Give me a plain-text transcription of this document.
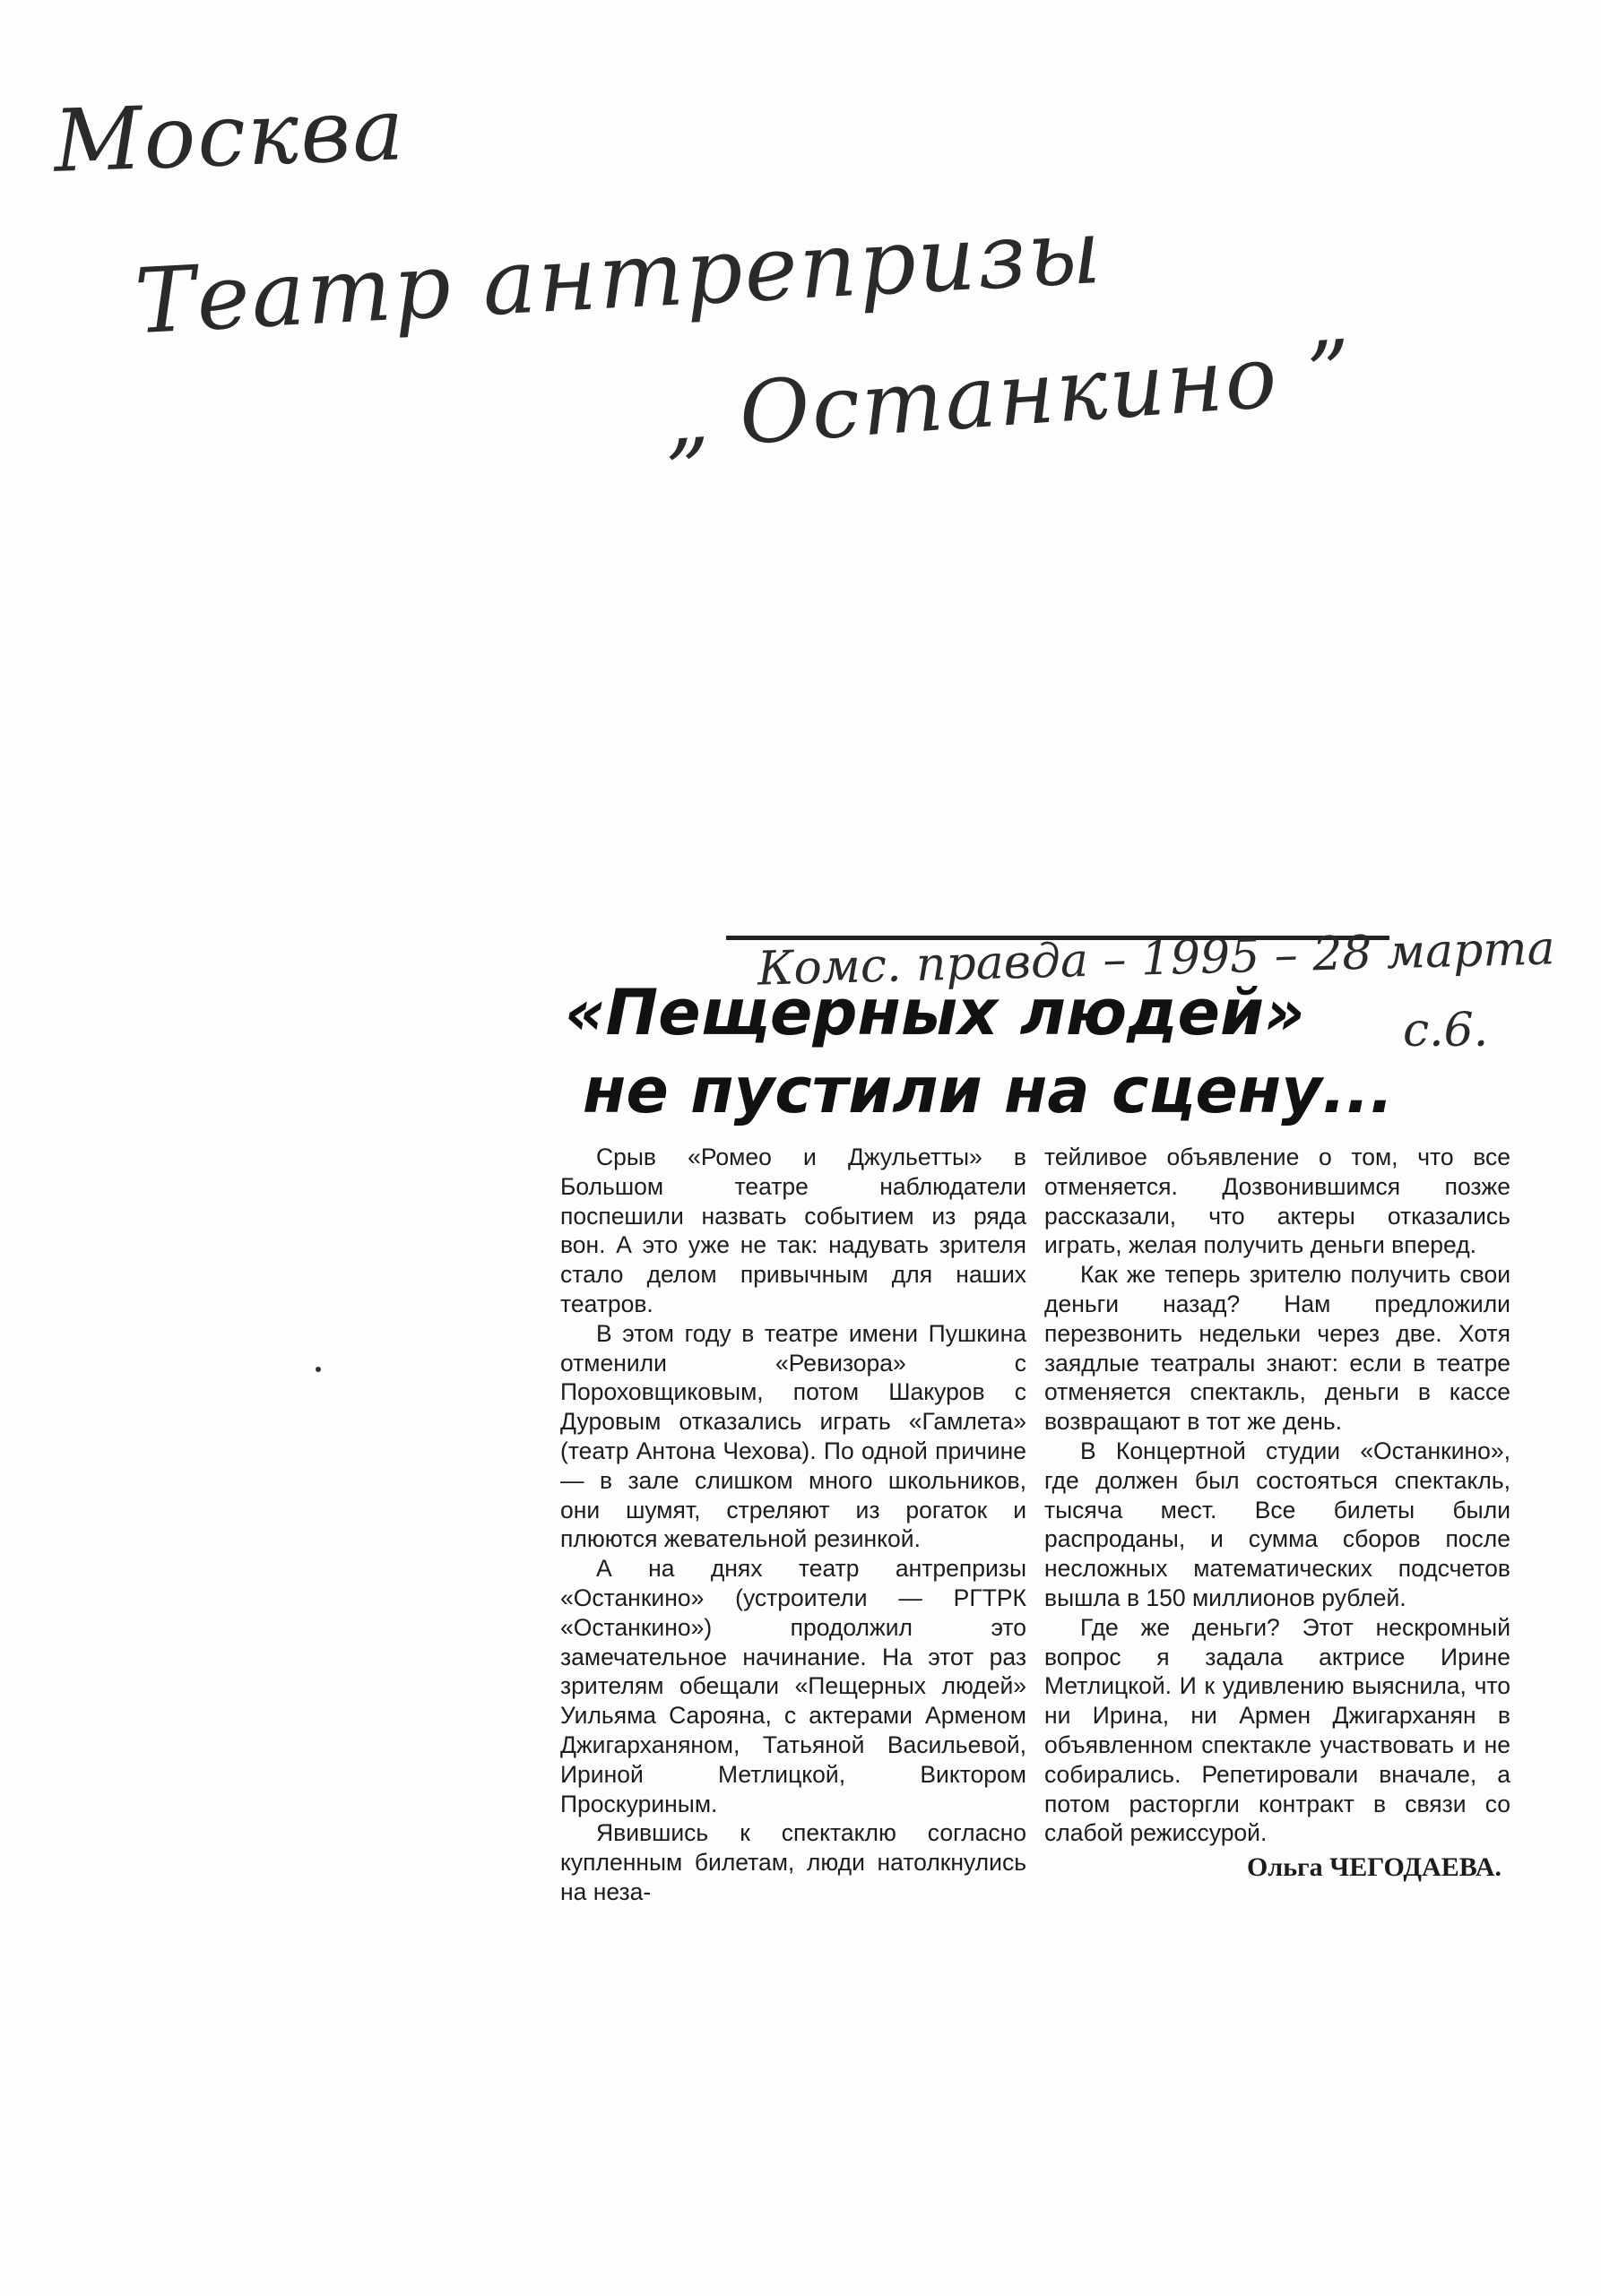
Москва
Театр антрепризы
„ Останкино ”
Комс. правда – 1995 – 28 марта
с.6.
«Пещерных людей»
не пустили на сцену...

Срыв «Ромео и Джульетты» в Большом театре наблюдатели поспешили назвать событием из ряда вон. А это уже не так: надувать зрителя стало делом привычным для наших театров.

В этом году в театре имени Пушкина отменили «Ревизора» с Пороховщиковым, потом Шакуров с Дуровым отказались играть «Гамлета» (театр Антона Чехова). По одной причине — в зале слишком много школьников, они шумят, стреляют из рогаток и плюются жевательной резинкой.

А на днях театр антрепризы «Останкино» (устроители — РГТРК «Останкино») продолжил это замечательное начинание. На этот раз зрителям обещали «Пещерных людей» Уильяма Сарояна, с актерами Арменом Джигарханяном, Татьяной Васильевой, Ириной Метлицкой, Виктором Проскуриным.

Явившись к спектаклю согласно купленным билетам, люди натолкнулись на неза-

тейливое объявление о том, что все отменяется. Дозвонившимся позже рассказали, что актеры отказались играть, желая получить деньги вперед.

Как же теперь зрителю получить свои деньги назад? Нам предложили перезвонить недельки через две. Хотя заядлые театралы знают: если в театре отменяется спектакль, деньги в кассе возвращают в тот же день.

В Концертной студии «Останкино», где должен был состояться спектакль, тысяча мест. Все билеты были распроданы, и сумма сборов после несложных математических подсчетов вышла в 150 миллионов рублей.

Где же деньги? Этот нескромный вопрос я задала актрисе Ирине Метлицкой. И к удивлению выяснила, что ни Ирина, ни Армен Джигарханян в объявленном спектакле участвовать и не собирались. Репетировали вначале, а потом расторгли контракт в связи со слабой режиссурой.

Ольга ЧЕГОДАЕВА.
